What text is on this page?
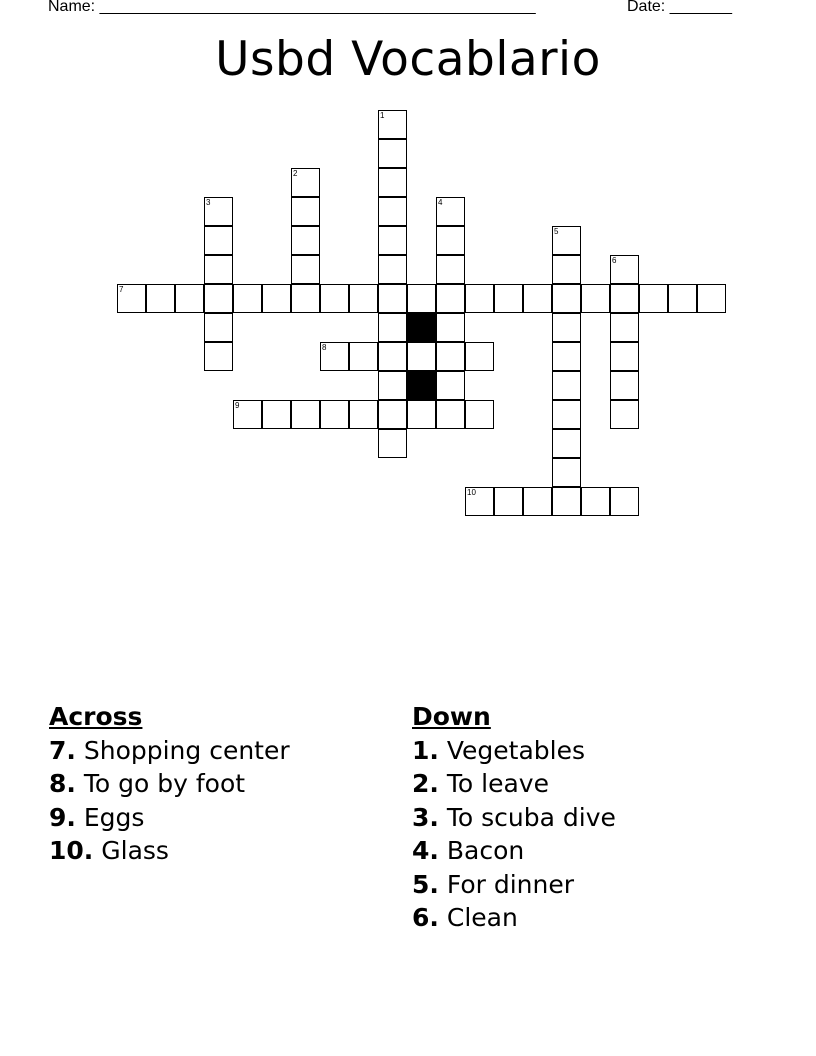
Name: _________________________________________________	Date: _______
Usbd Vocablario
1
2
3	4
5
6
7
8
9
10
Across
7. Shopping center
8. To go by foot
9. Eggs
10. Glass
Down
1. Vegetables
2. To leave
3. To scuba dive
4. Bacon
5. For dinner
6. Clean
